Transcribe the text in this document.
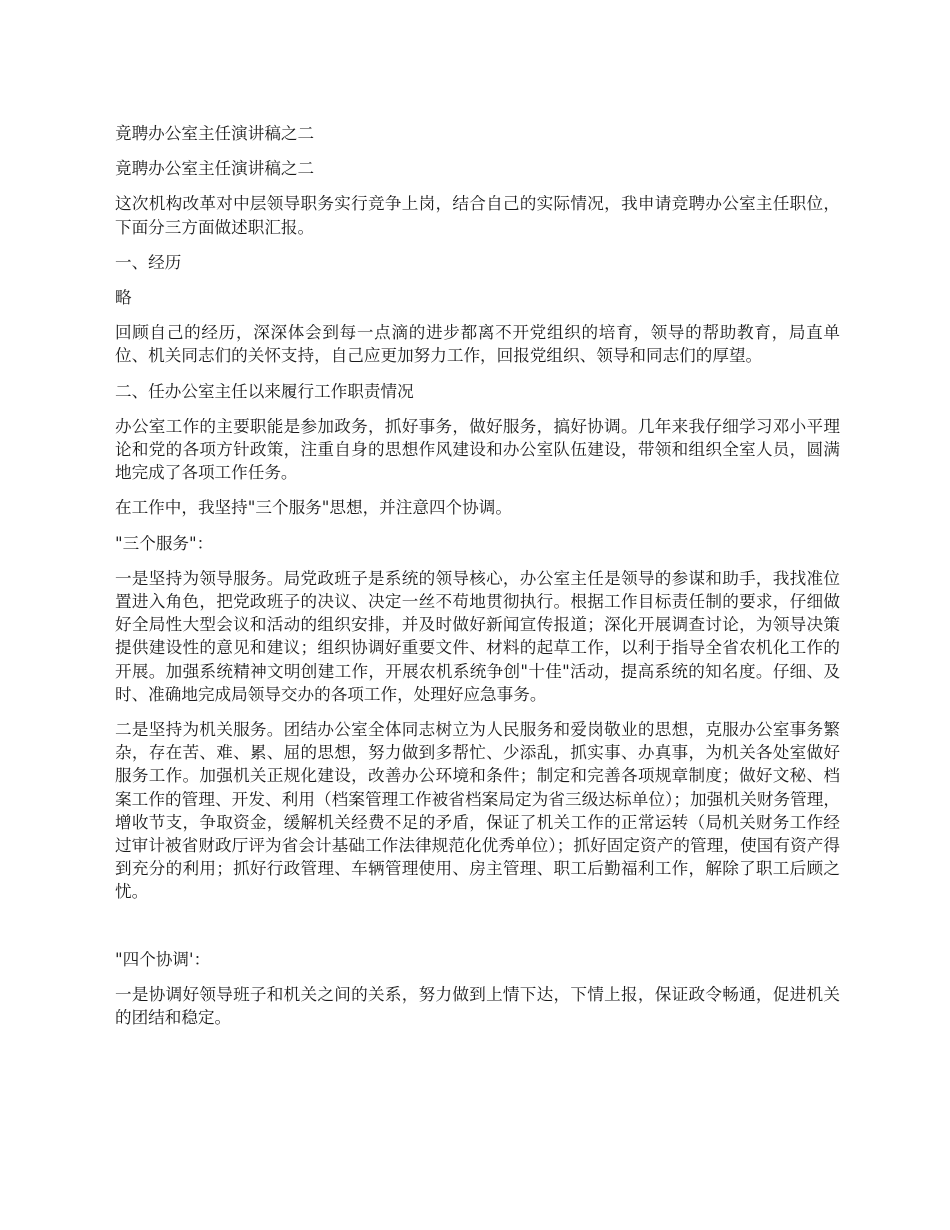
竟聘办公室主任演讲稿之二

竟聘办公室主任演讲稿之二

这次机构改革对中层领导职务实行竞争上岗，结合自己的实际情况，我申请竞聘办公室主任职位，下面分三方面做述职汇报。

一、经历

略

回顾自己的经历，深深体会到每一点滴的进步都离不开党组织的培育，领导的帮助教育，局直单位、机关同志们的关怀支持，自己应更加努力工作，回报党组织、领导和同志们的厚望。

二、任办公室主任以来履行工作职责情况

办公室工作的主要职能是参加政务，抓好事务，做好服务，搞好协调。几年来我仔细学习邓小平理论和党的各项方针政策，注重自身的思想作风建设和办公室队伍建设，带领和组织全室人员，圆满地完成了各项工作任务。

在工作中，我坚持"三个服务"思想，并注意四个协调。

"三个服务"：

一是坚持为领导服务。局党政班子是系统的领导核心，办公室主任是领导的参谋和助手，我找准位置进入角色，把党政班子的决议、决定一丝不苟地贯彻执行。根据工作目标责任制的要求，仔细做好全局性大型会议和活动的组织安排，并及时做好新闻宣传报道；深化开展调查讨论，为领导决策提供建设性的意见和建议；组织协调好重要文件、材料的起草工作，以利于指导全省农机化工作的开展。加强系统精神文明创建工作，开展农机系统争创"十佳"活动，提高系统的知名度。仔细、及时、准确地完成局领导交办的各项工作，处理好应急事务。

二是坚持为机关服务。团结办公室全体同志树立为人民服务和爱岗敬业的思想，克服办公室事务繁杂，存在苦、难、累、屈的思想，努力做到多帮忙、少添乱，抓实事、办真事，为机关各处室做好服务工作。加强机关正规化建设，改善办公环境和条件；制定和完善各项规章制度；做好文秘、档案工作的管理、开发、利用（档案管理工作被省档案局定为省三级达标单位）；加强机关财务管理，增收节支，争取资金，缓解机关经费不足的矛盾，保证了机关工作的正常运转（局机关财务工作经过审计被省财政厅评为省会计基础工作法律规范化优秀单位）；抓好固定资产的管理，使国有资产得到充分的利用；抓好行政管理、车辆管理使用、房主管理、职工后勤福利工作，解除了职工后顾之忧。

"四个协调'：

一是协调好领导班子和机关之间的关系，努力做到上情下达，下情上报，保证政令畅通，促进机关的团结和稳定。
